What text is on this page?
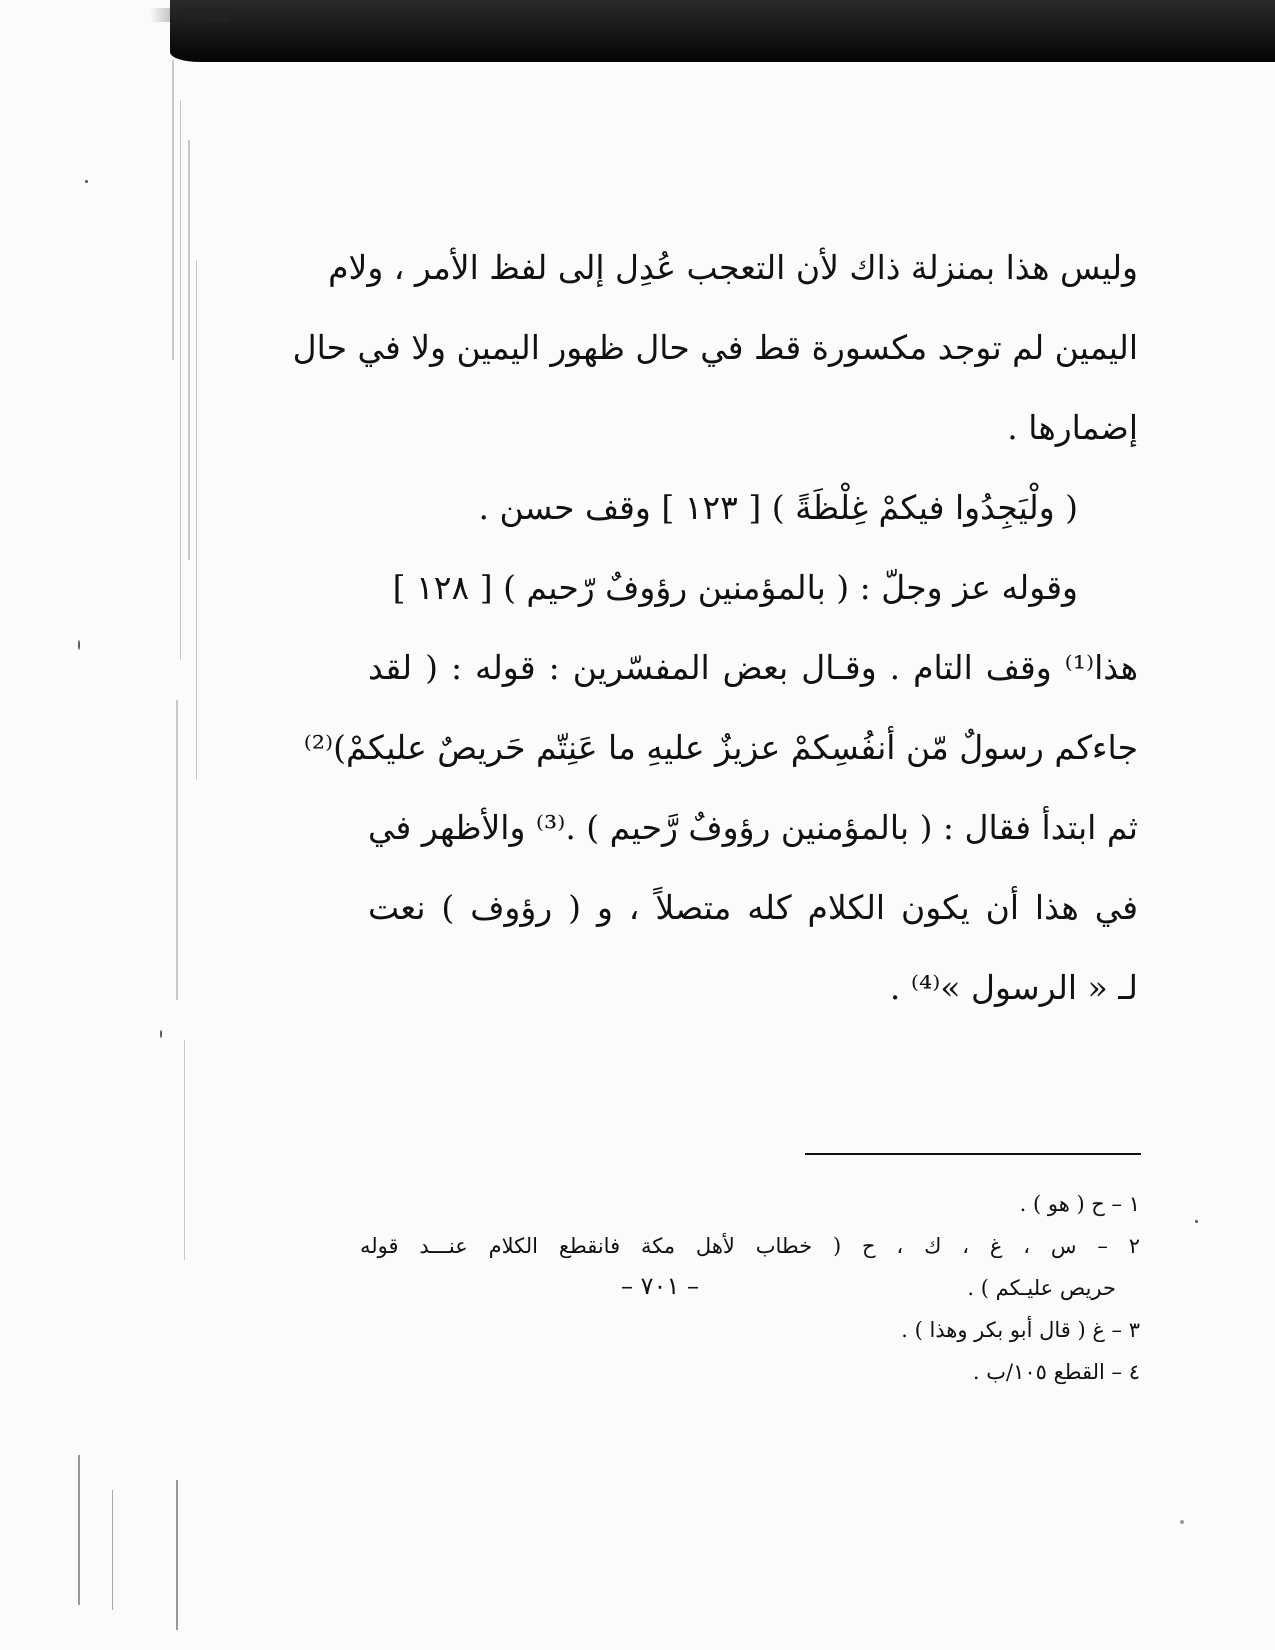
وليس هذا بمنزلة ذاك لأن التعجب عُدِل إلى لفظ الأمر ، ولام
اليمين لم توجد مكسورة قط في حال ظهور اليمين ولا في حال
إضمارها .
( ولْيَجِدُوا فيكمْ غِلْظَةً ) [ ١٢٣ ] وقف حسن .
وقوله عز وجلّ : ( بالمؤمنين رؤوفٌ رّحيم ) [ ١٢٨ ]
هذا⁽¹⁾ وقف التام . وقـال بعض المفسّرين : قوله : ( لقد
جاءكم رسولٌ مّن أنفُسِكمْ عزيزٌ عليهِ ما عَنِتّم حَريصٌ عليكمْ)⁽²⁾
ثم ابتدأ فقال : ( بالمؤمنين رؤوفٌ رَّحيم ) .⁽³⁾ والأظهر في
في هذا أن يكون الكلام كله متصلاً ، و ( رؤوف ) نعت
لـ « الرسول »⁽⁴⁾ .
١ – ح ( هو ) .
٢ – س ، غ ، ك ، ح ( خطاب لأهل مكة فانقطع الكلام عنـــد قوله
حريص عليـكم ) .
٣ – غ ( قال أبو بكر وهذا ) .
٤ – القطع ١٠٥/ب .
– ٧٠١ –
